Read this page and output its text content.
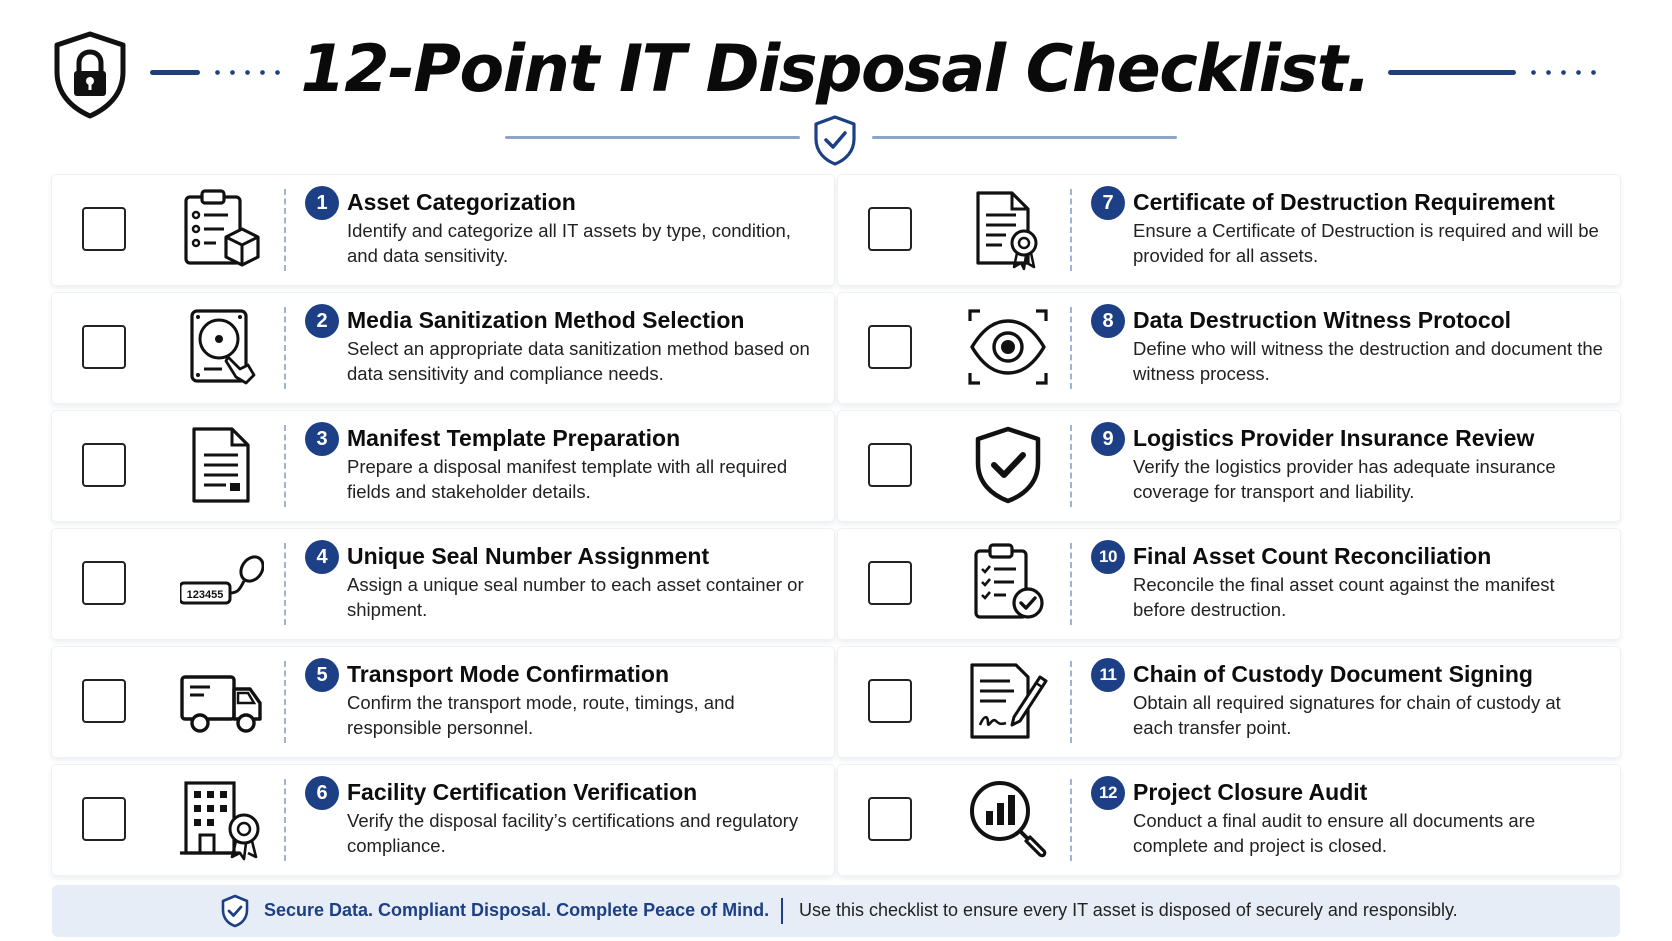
12-Point IT Disposal Checklist.
1 Asset Categorization
Identify and categorize all IT assets by type, condition, and data sensitivity.
2 Media Sanitization Method Selection
Select an appropriate data sanitization method based on data sensitivity and compliance needs.
3 Manifest Template Preparation
Prepare a disposal manifest template with all required fields and stakeholder details.
123455
4 Unique Seal Number Assignment
Assign a unique seal number to each asset container or shipment.
5 Transport Mode Confirmation
Confirm the transport mode, route, timings, and responsible personnel.
6 Facility Certification Verification
Verify the disposal facility’s certifications and regulatory compliance.
7 Certificate of Destruction Requirement
Ensure a Certificate of Destruction is required and will be provided for all assets.
8 Data Destruction Witness Protocol
Define who will witness the destruction and document the witness process.
9 Logistics Provider Insurance Review
Verify the logistics provider has adequate insurance coverage for transport and liability.
10 Final Asset Count Reconciliation
Reconcile the final asset count against the manifest before destruction.
11 Chain of Custody Document Signing
Obtain all required signatures for chain of custody at each transfer point.
12 Project Closure Audit
Conduct a final audit to ensure all documents are complete and project is closed.
Secure Data. Compliant Disposal. Complete Peace of Mind. Use this checklist to ensure every IT asset is disposed of securely and responsibly.
